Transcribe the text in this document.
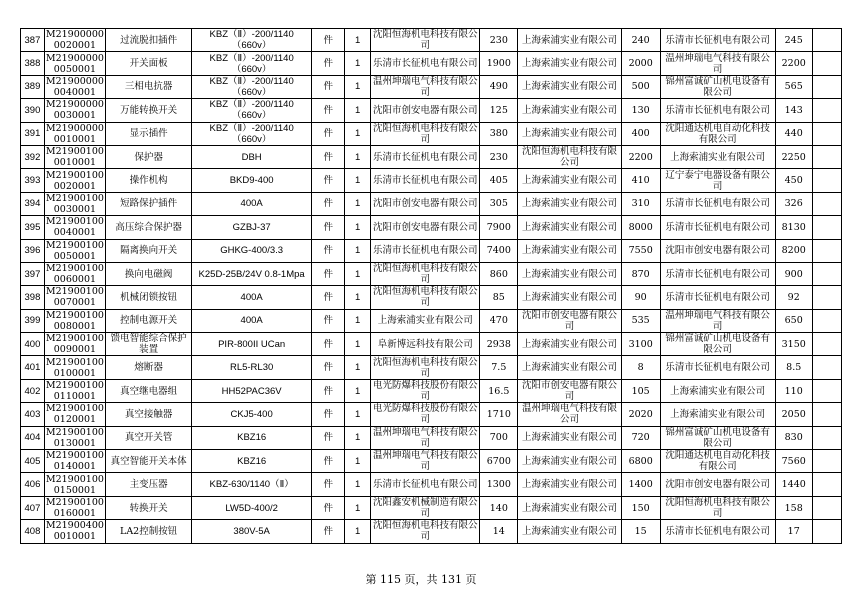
387	M21900000 0020001	过流脱扣插件	KBZ（Ⅱ）-200/1140（660v）	件	1	沈阳恒海机电科技有限公司	230	上海索浦实业有限公司	240	乐清市长征机电有限公司	245	
388	M21900000 0050001	开关面板	KBZ（Ⅱ）-200/1140（660v）	件	1	乐清市长征机电有限公司	1900	上海索浦实业有限公司	2000	温州坤瑞电气科技有限公司	2200	
389	M21900000 0040001	三相电抗器	KBZ（Ⅱ）-200/1140（660v）	件	1	温州坤瑞电气科技有限公司	490	上海索浦实业有限公司	500	锦州富诚矿山机电设备有限公司	565	
390	M21900000 0030001	万能转换开关	KBZ（Ⅱ）-200/1140（660v）	件	1	沈阳市创安电器有限公司	125	上海索浦实业有限公司	130	乐清市长征机电有限公司	143	
391	M21900000 0010001	显示插件	KBZ（Ⅱ）-200/1140（660v）	件	1	沈阳恒海机电科技有限公司	380	上海索浦实业有限公司	400	沈阳通达机电自动化科技有限公司	440	
392	M21900100 0010001	保护器	DBH	件	1	乐清市长征机电有限公司	230	沈阳恒海机电科技有限公司	2200	上海索浦实业有限公司	2250	
393	M21900100 0020001	操作机构	BKD9-400	件	1	乐清市长征机电有限公司	405	上海索浦实业有限公司	410	辽宁泰宁电器设备有限公司	450	
394	M21900100 0030001	短路保护插件	400A	件	1	沈阳市创安电器有限公司	305	上海索浦实业有限公司	310	乐清市长征机电有限公司	326	
395	M21900100 0040001	高压综合保护器	GZBJ-37	件	1	沈阳市创安电器有限公司	7900	上海索浦实业有限公司	8000	乐清市长征机电有限公司	8130	
396	M21900100 0050001	隔离换向开关	GHKG-400/3.3	件	1	乐清市长征机电有限公司	7400	上海索浦实业有限公司	7550	沈阳市创安电器有限公司	8200	
397	M21900100 0060001	换向电磁阀	K25D-25B/24V 0.8-1Mpa	件	1	沈阳恒海机电科技有限公司	860	上海索浦实业有限公司	870	乐清市长征机电有限公司	900	
398	M21900100 0070001	机械闭锁按钮	400A	件	1	沈阳恒海机电科技有限公司	85	上海索浦实业有限公司	90	乐清市长征机电有限公司	92	
399	M21900100 0080001	控制电源开关	400A	件	1	上海索浦实业有限公司	470	沈阳市创安电器有限公司	535	温州坤瑞电气科技有限公司	650	
400	M21900100 0090001	馈电智能综合保护装置	PIR-800II UCan	件	1	阜新博远科技有限公司	2938	上海索浦实业有限公司	3100	锦州富诚矿山机电设备有限公司	3150	
401	M21900100 0100001	熔断器	RL5-RL30	件	1	沈阳恒海机电科技有限公司	7.5	上海索浦实业有限公司	8	乐清市长征机电有限公司	8.5	
402	M21900100 0110001	真空继电器组	HH52PAC36V	件	1	电光防爆科技股份有限公司	16.5	沈阳市创安电器有限公司	105	上海索浦实业有限公司	110	
403	M21900100 0120001	真空接触器	CKJ5-400	件	1	电光防爆科技股份有限公司	1710	温州坤瑞电气科技有限公司	2020	上海索浦实业有限公司	2050	
404	M21900100 0130001	真空开关管	KBZ16	件	1	温州坤瑞电气科技有限公司	700	上海索浦实业有限公司	720	锦州富诚矿山机电设备有限公司	830	
405	M21900100 0140001	真空智能开关本体	KBZ16	件	1	温州坤瑞电气科技有限公司	6700	上海索浦实业有限公司	6800	沈阳通达机电自动化科技有限公司	7560	
406	M21900100 0150001	主变压器	KBZ-630/1140（Ⅱ）	件	1	乐清市长征机电有限公司	1300	上海索浦实业有限公司	1400	沈阳市创安电器有限公司	1440	
407	M21900100 0160001	转换开关	LW5D-400/2	件	1	沈阳鑫安机械制造有限公司	140	上海索浦实业有限公司	150	沈阳恒海机电科技有限公司	158	
408	M21900400 0010001	LA2控制按钮	380V-5A	件	1	沈阳恒海机电科技有限公司	14	上海索浦实业有限公司	15	乐清市长征机电有限公司	17	
第 115 页，共 131 页
